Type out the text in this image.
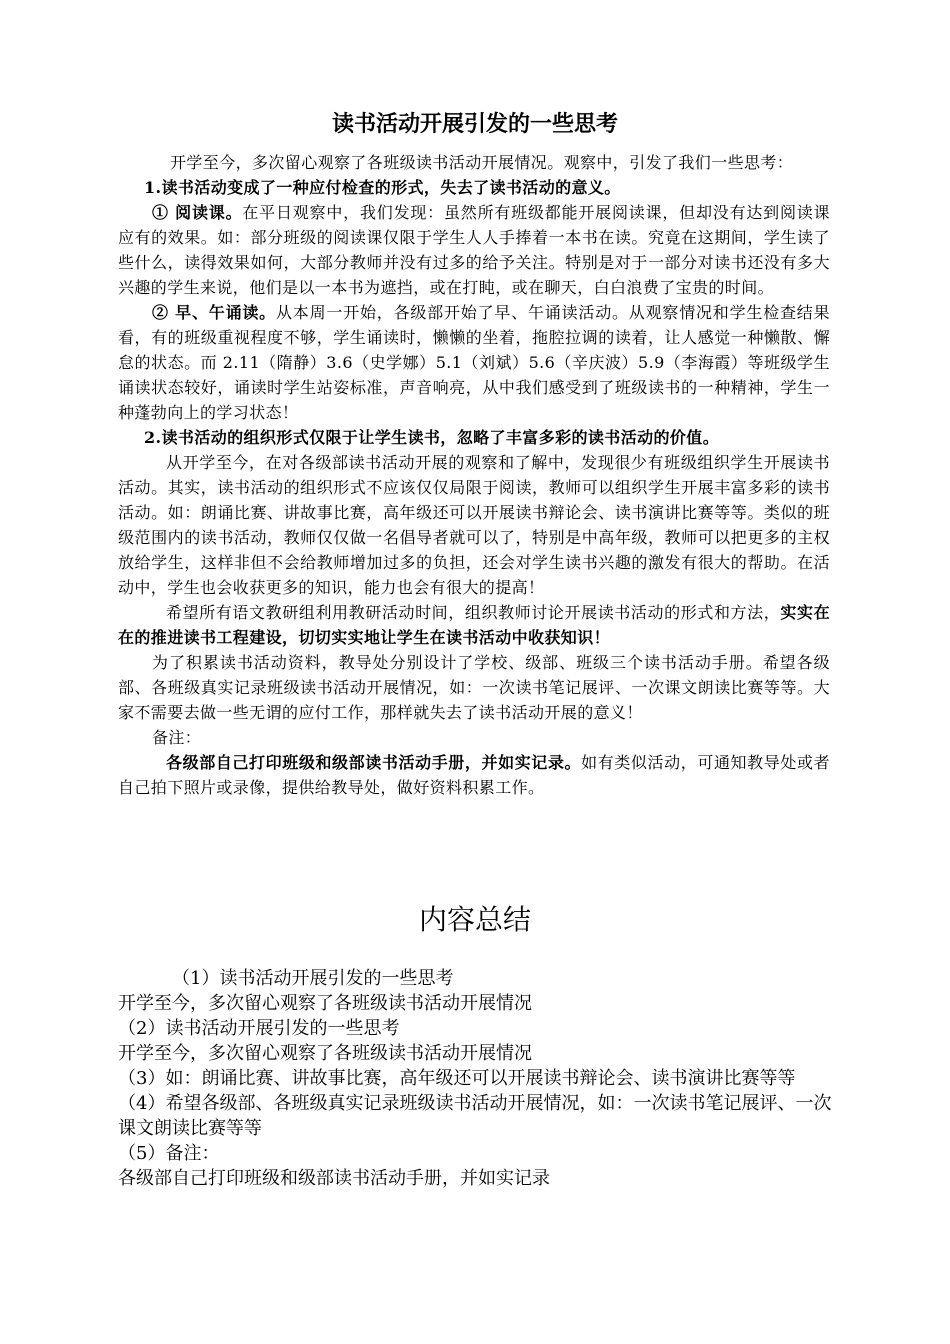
读书活动开展引发的一些思考

开学至今，多次留心观察了各班级读书活动开展情况。观察中，引发了我们一些思考：

1.读书活动变成了一种应付检查的形式，失去了读书活动的意义。

① 阅读课。在平日观察中，我们发现：虽然所有班级都能开展阅读课，但却没有达到阅读课应有的效果。如：部分班级的阅读课仅限于学生人人手捧着一本书在读。究竟在这期间，学生读了些什么，读得效果如何，大部分教师并没有过多的给予关注。特别是对于一部分对读书还没有多大兴趣的学生来说，他们是以一本书为遮挡，或在打盹，或在聊天，白白浪费了宝贵的时间。

② 早、午诵读。从本周一开始，各级部开始了早、午诵读活动。从观察情况和学生检查结果看，有的班级重视程度不够，学生诵读时，懒懒的坐着，拖腔拉调的读着，让人感觉一种懒散、懈怠的状态。而 2.11（隋静）3.6（史学娜）5.1（刘斌）5.6（辛庆波）5.9（李海霞）等班级学生诵读状态较好，诵读时学生站姿标准，声音响亮，从中我们感受到了班级读书的一种精神，学生一种蓬勃向上的学习状态！

2.读书活动的组织形式仅限于让学生读书，忽略了丰富多彩的读书活动的价值。

从开学至今，在对各级部读书活动开展的观察和了解中，发现很少有班级组织学生开展读书活动。其实，读书活动的组织形式不应该仅仅局限于阅读，教师可以组织学生开展丰富多彩的读书活动。如：朗诵比赛、讲故事比赛，高年级还可以开展读书辩论会、读书演讲比赛等等。类似的班级范围内的读书活动，教师仅仅做一名倡导者就可以了，特别是中高年级，教师可以把更多的主权放给学生，这样非但不会给教师增加过多的负担，还会对学生读书兴趣的激发有很大的帮助。在活动中，学生也会收获更多的知识，能力也会有很大的提高！

希望所有语文教研组利用教研活动时间，组织教师讨论开展读书活动的形式和方法，实实在在的推进读书工程建设，切切实实地让学生在读书活动中收获知识！

为了积累读书活动资料，教导处分别设计了学校、级部、班级三个读书活动手册。希望各级部、各班级真实记录班级读书活动开展情况，如：一次读书笔记展评、一次课文朗读比赛等等。大家不需要去做一些无谓的应付工作，那样就失去了读书活动开展的意义！

备注：

各级部自己打印班级和级部读书活动手册，并如实记录。如有类似活动，可通知教导处或者自己拍下照片或录像，提供给教导处，做好资料积累工作。

内容总结

（1）读书活动开展引发的一些思考

开学至今，多次留心观察了各班级读书活动开展情况

（2）读书活动开展引发的一些思考

开学至今，多次留心观察了各班级读书活动开展情况

（3）如：朗诵比赛、讲故事比赛，高年级还可以开展读书辩论会、读书演讲比赛等等

（4）希望各级部、各班级真实记录班级读书活动开展情况，如：一次读书笔记展评、一次课文朗读比赛等等

（5）备注：

各级部自己打印班级和级部读书活动手册，并如实记录
